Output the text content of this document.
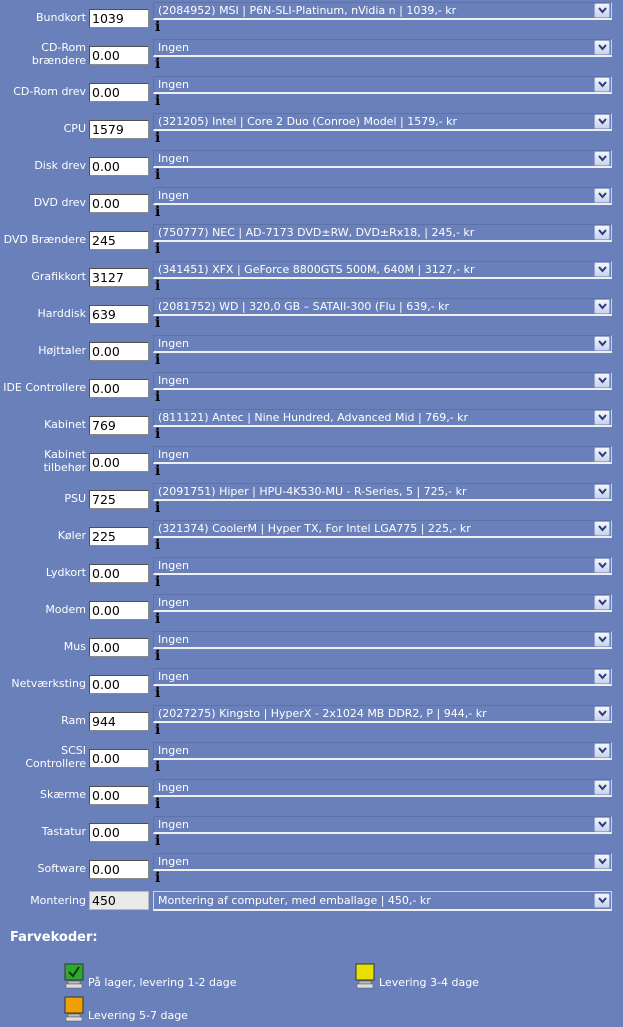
Bundkort 1039
(2084952) MSI | P6N-SLI-Platinum, nVidia n | 1039,- kr
i
CD-Rom brændere 0.00
Ingen
i
CD-Rom drev 0.00
Ingen
i
CPU 1579
(321205) Intel | Core 2 Duo (Conroe) Model | 1579,- kr
i
Disk drev 0.00
Ingen
i
DVD drev 0.00
Ingen
i
DVD Brændere 245
(750777) NEC | AD-7173 DVD±RW, DVD±Rx18, | 245,- kr
i
Grafikkort 3127
(341451) XFX | GeForce 8800GTS 500M, 640M | 3127,- kr
i
Harddisk 639
(2081752) WD | 320,0 GB – SATAII-300 (Flu | 639,- kr
i
Højttaler 0.00
Ingen
i
IDE Controllere 0.00
Ingen
i
Kabinet 769
(811121) Antec | Nine Hundred, Advanced Mid | 769,- kr
i
Kabinet tilbehør 0.00
Ingen
i
PSU 725
(2091751) Hiper | HPU-4K530-MU - R-Series, 5 | 725,- kr
i
Køler 225
(321374) CoolerM | Hyper TX, For Intel LGA775 | 225,- kr
i
Lydkort 0.00
Ingen
i
Modem 0.00
Ingen
i
Mus 0.00
Ingen
i
Netværksting 0.00
Ingen
i
Ram 944
(2027275) Kingsto | HyperX - 2x1024 MB DDR2, P | 944,- kr
i
SCSI Controllere 0.00
Ingen
i
Skærme 0.00
Ingen
i
Tastatur 0.00
Ingen
i
Software 0.00
Ingen
i
Montering 450	Montering af computer, med emballage | 450,- kr
Farvekoder:
På lager, levering 1-2 dage	Levering 3-4 dage
Levering 5-7 dage
